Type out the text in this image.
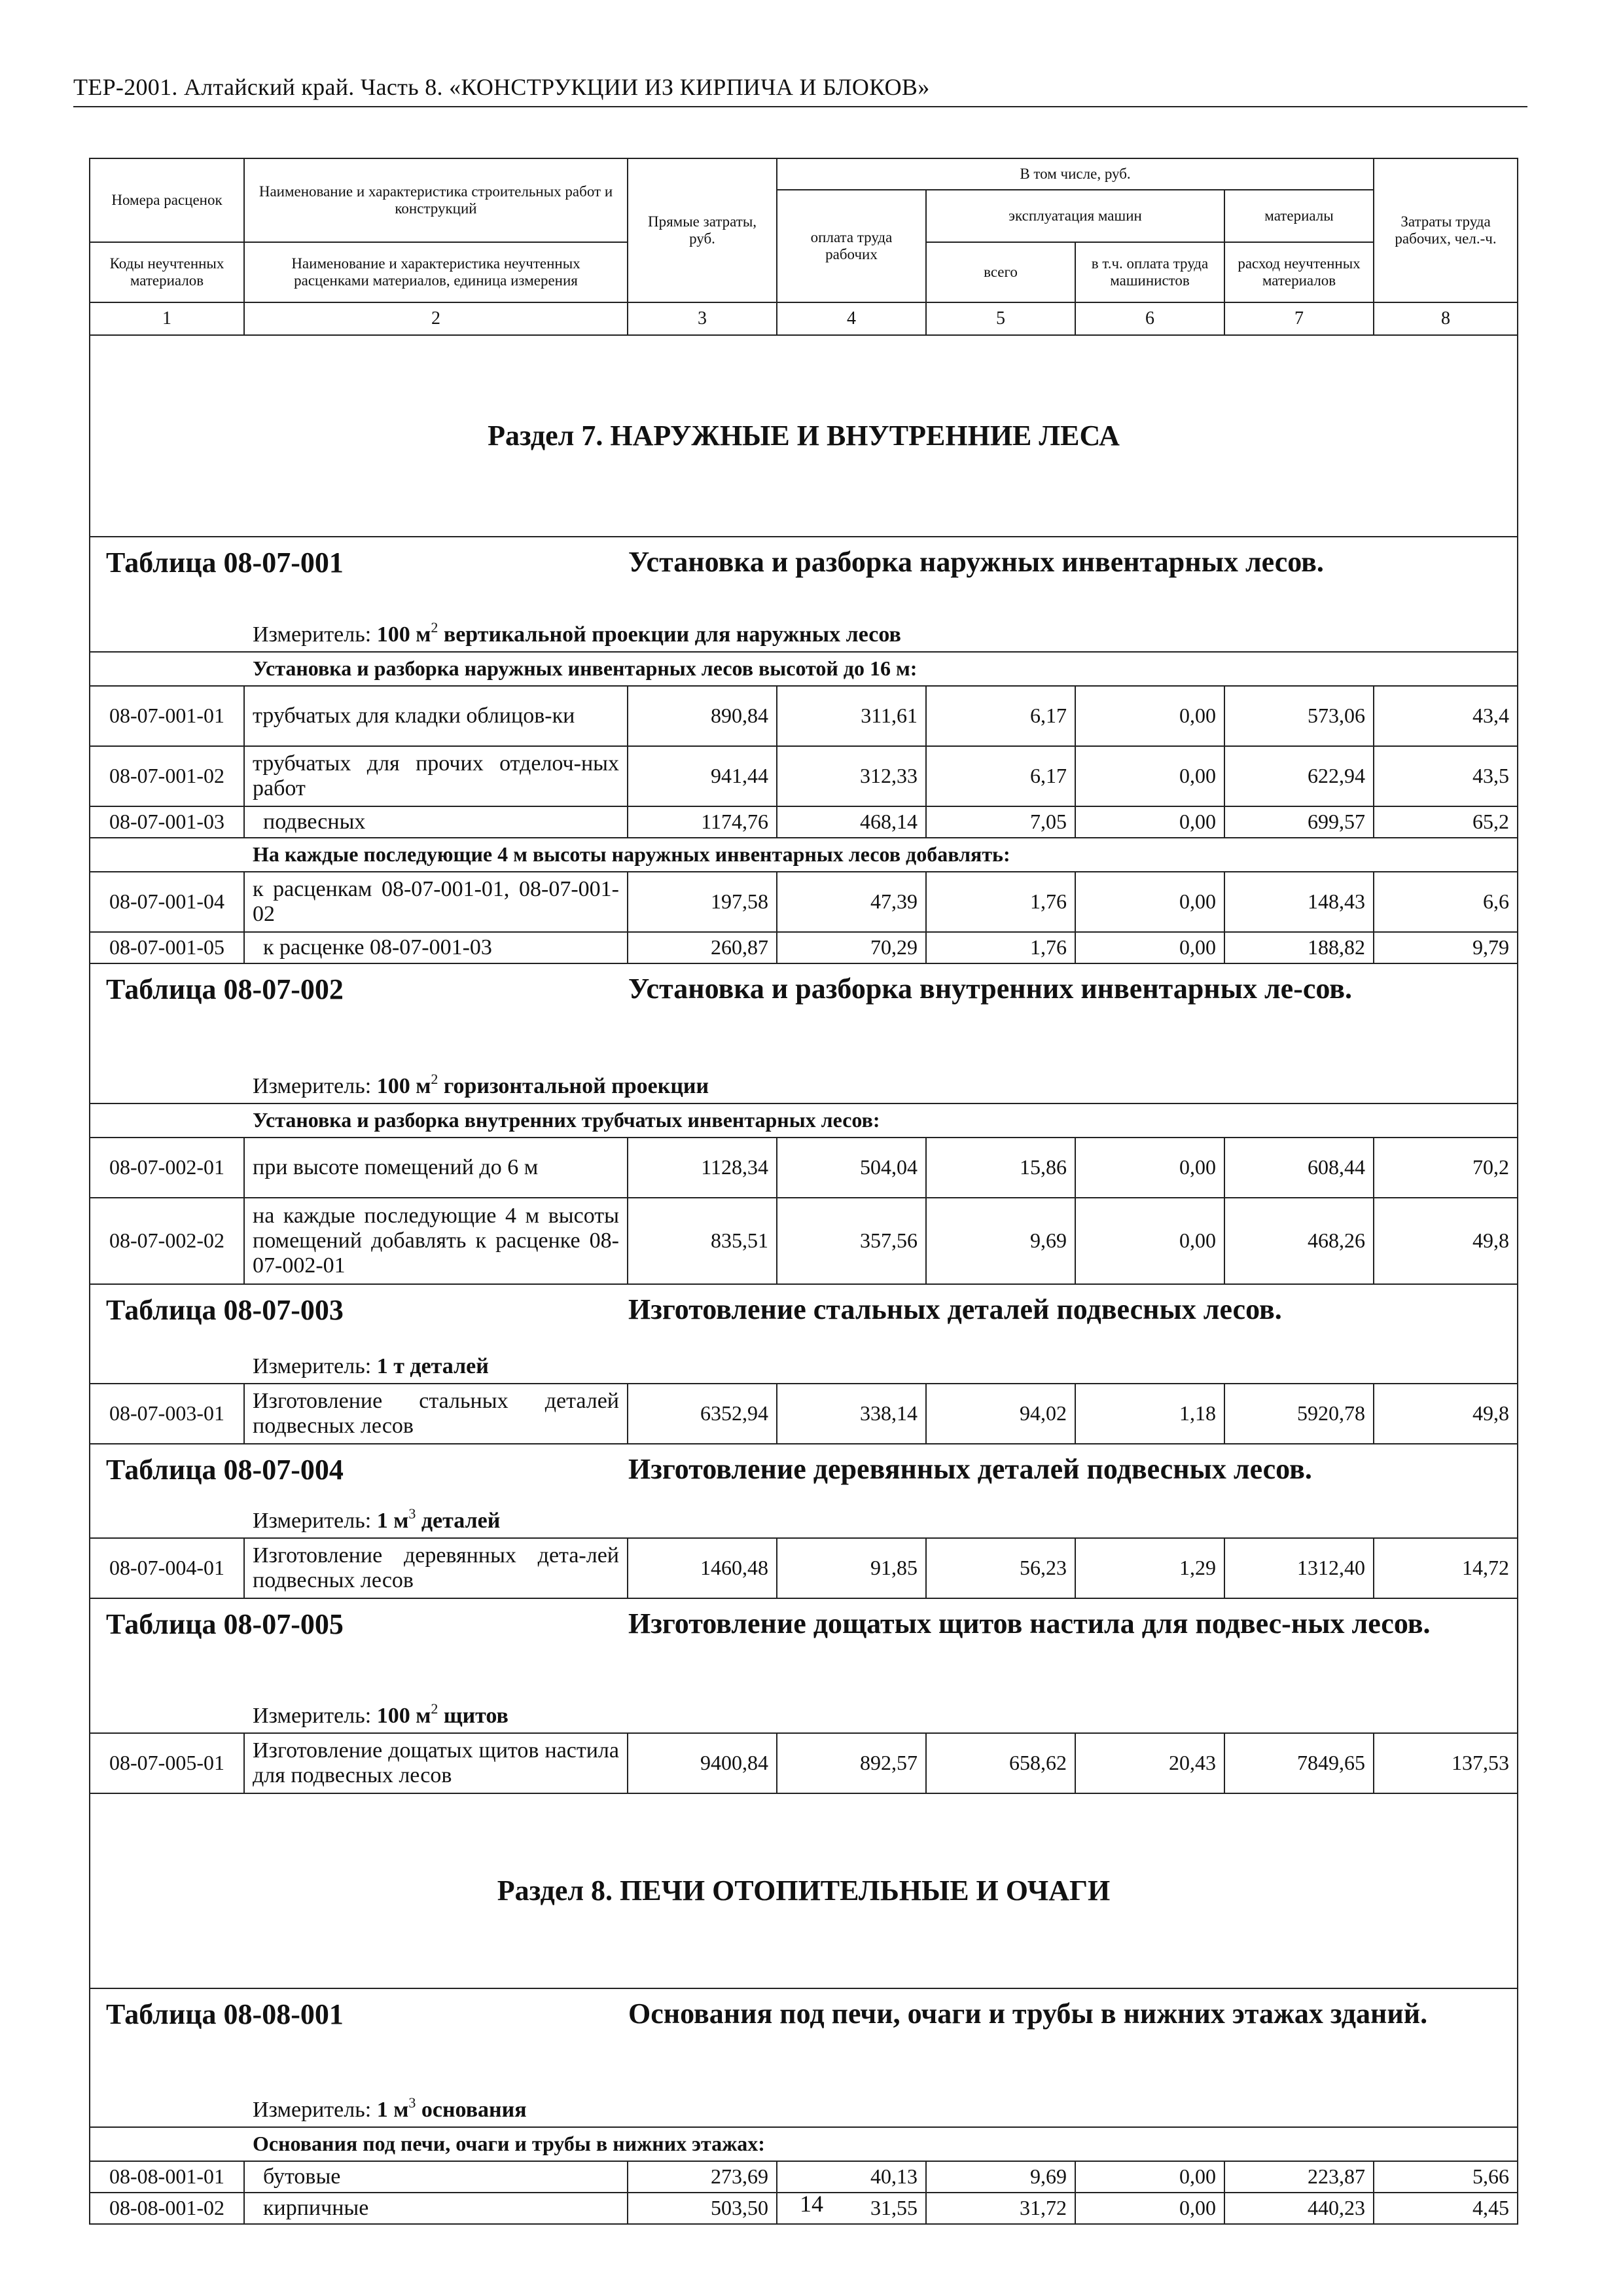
ТЕР-2001. Алтайский край. Часть 8. «КОНСТРУКЦИИ ИЗ КИРПИЧА И БЛОКОВ»
Номера расценок	Наименование и характеристика строительных работ и конструкций	Прямые затраты, руб.	В том числе, руб.				Затраты труда рабочих, чел.-ч.
			оплата труда рабочих	эксплуатация машин		материалы	
Коды неучтенных материалов	Наименование и характеристика неучтенных расценками материалов, единица измерения			всего	в т.ч. оплата труда машинистов	расход неучтенных материалов	
1	2	3	4	5	6	7	8
Раздел 7. НАРУЖНЫЕ И ВНУТРЕННИЕ ЛЕСА							

Таблица 08-07-001 Установка и разборка наружных инвентарных лесов.
Измеритель: 100 $м^2$ вертикальной проекции для наружных лесов							

Установка и разборка наружных инвентарных лесов высотой до 16 м:							
08-07-001-01	трубчатых для кладки облицов-ки	890,84	311,61	6,17	0,00	573,06	43,4
08-07-001-02	трубчатых для прочих отделоч-ных работ	941,44	312,33	6,17	0,00	622,94	43,5
08-07-001-03	подвесных	1174,76	468,14	7,05	0,00	699,57	65,2
На каждые последующие 4 м высоты наружных инвентарных лесов добавлять:							
08-07-001-04	к расценкам 08-07-001-01, 08-07-001-02	197,58	47,39	1,76	0,00	148,43	6,6
08-07-001-05	к расценке 08-07-001-03	260,87	70,29	1,76	0,00	188,82	9,79

Таблица 08-07-002 Установка и разборка внутренних инвентарных ле-сов.
Измеритель: 100 $м^2$ горизонтальной проекции							

Установка и разборка внутренних трубчатых инвентарных лесов:							
08-07-002-01	при высоте помещений до 6 м	1128,34	504,04	15,86	0,00	608,44	70,2
08-07-002-02	на каждые последующие 4 м высоты помещений добавлять к расценке 08-07-002-01	835,51	357,56	9,69	0,00	468,26	49,8

Таблица 08-07-003 Изготовление стальных деталей подвесных лесов.
Измеритель: 1 т деталей							

08-07-003-01	Изготовление стальных деталей подвесных лесов	6352,94	338,14	94,02	1,18	5920,78	49,8

Таблица 08-07-004 Изготовление деревянных деталей подвесных лесов.
Измеритель: 1 $м^3$ деталей							

08-07-004-01	Изготовление деревянных дета-лей подвесных лесов	1460,48	91,85	56,23	1,29	1312,40	14,72

Таблица 08-07-005 Изготовление дощатых щитов настила для подвес-ных лесов.
Измеритель: 100 $м^2$ щитов							

08-07-005-01	Изготовление дощатых щитов настила для подвесных лесов	9400,84	892,57	658,62	20,43	7849,65	137,53
Раздел 8. ПЕЧИ ОТОПИТЕЛЬНЫЕ И ОЧАГИ							

Таблица 08-08-001 Основания под печи, очаги и трубы в нижних этажах зданий.
Измеритель: 1 $м^3$ основания							

Основания под печи, очаги и трубы в нижних этажах:							
08-08-001-01	бутовые	273,69	40,13	9,69	0,00	223,87	5,66
08-08-001-02	кирпичные	503,50	31,55	31,72	0,00	440,23	4,45
14
